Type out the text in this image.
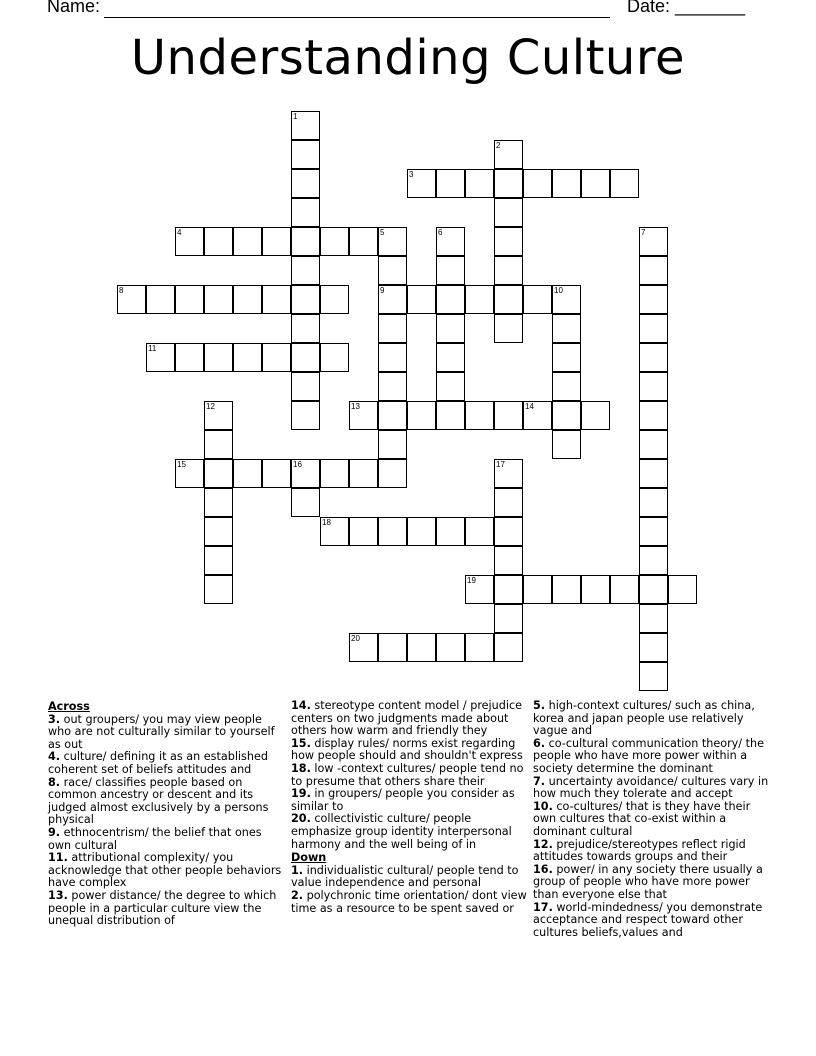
Name:	Date: _______
Understanding Culture
1
2
3
4	5
9
6	7
8	10
11
12	13	14
15	16	17
18
19
20
Across
3. out groupers/ you may view people who are not culturally similar to yourself as out
4. culture/ defining it as an established coherent set of beliefs attitudes and
8. race/ classifies people based on common ancestry or descent and its judged almost exclusively by a persons physical
9. ethnocentrism/ the belief that ones own cultural
11. attributional complexity/ you acknowledge that other people behaviors have complex
13. power distance/ the degree to which people in a particular culture view the unequal distribution of
14. stereotype content model / prejudice centers on two judgments made about others how warm and friendly they
15. display rules/ norms exist regarding how people should and shouldn't express
18. low -context cultures/ people tend no to presume that others share their
19. in groupers/ people you consider as similar to
20. collectivistic culture/ people emphasize group identity interpersonal harmony and the well being of in
Down
1. individualistic cultural/ people tend to value independence and personal
2. polychronic time orientation/ dont view time as a resource to be spent saved or
5. high-context cultures/ such as china, korea and japan people use relatively vague and
6. co-cultural communication theory/ the people who have more power within a society determine the dominant
7. uncertainty avoidance/ cultures vary in how much they tolerate and accept
10. co-cultures/ that is they have their own cultures that co-exist within a dominant cultural
12. prejudice/stereotypes reflect rigid attitudes towards groups and their
16. power/ in any society there usually a group of people who have more power than everyone else that
17. world-mindedness/ you demonstrate acceptance and respect toward other cultures beliefs,values and
